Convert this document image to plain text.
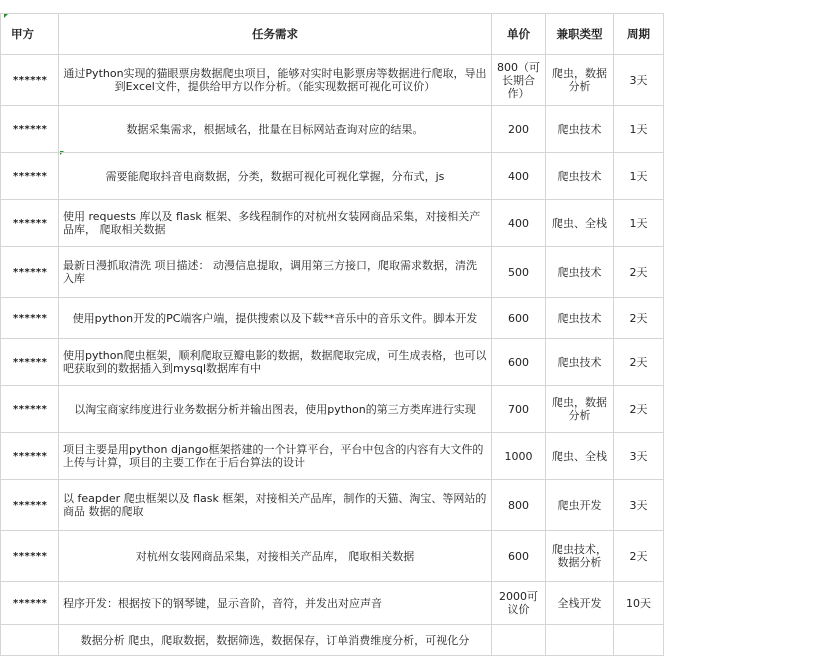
甲方	任务需求	单价	兼职类型	周期
******	通过Python实现的猫眼票房数据爬虫项目，能够对实时电影票房等数据进行爬取，导出到Excel文件，提供给甲方以作分析。（能实现数据可视化可议价）	800（可长期合作）	爬虫，数据分析	3天
******	数据采集需求，根据域名，批量在目标网站查询对应的结果。	200	爬虫技术	1天
******	需要能爬取抖音电商数据，分类，数据可视化可视化掌握，分布式，js	400	爬虫技术	1天
******	使用 requests 库以及 flask 框架、多线程制作的对杭州女装网商品采集，对接相关产品库， 爬取相关数据	400	爬虫、全栈	1天
******	最新日漫抓取清洗 项目描述： 动漫信息提取，调用第三方接口，爬取需求数据，清洗入库	500	爬虫技术	2天
******	使用python开发的PC端客户端，提供搜索以及下载**音乐中的音乐文件。脚本开发	600	爬虫技术	2天
******	使用python爬虫框架，顺利爬取豆瓣电影的数据，数据爬取完成，可生成表格，也可以吧获取到的数据插入到mysql数据库有中	600	爬虫技术	2天
******	以淘宝商家纬度进行业务数据分析并输出图表，使用python的第三方类库进行实现	700	爬虫，数据分析	2天
******	项目主要是用python django框架搭建的一个计算平台，平台中包含的内容有大文件的上传与计算，项目的主要工作在于后台算法的设计	1000	爬虫、全栈	3天
******	以 feapder 爬虫框架以及 flask 框架，对接相关产品库，制作的天猫、淘宝、等网站的商品 数据的爬取	800	爬虫开发	3天
******	对杭州女装网商品采集，对接相关产品库， 爬取相关数据	600	爬虫技术，数据分析	2天
******	程序开发：根据按下的钢琴键，显示音阶，音符，并发出对应声音	2000可议价	全栈开发	10天
	数据分析 爬虫，爬取数据，数据筛选，数据保存，订单消费维度分析，可视化分			
